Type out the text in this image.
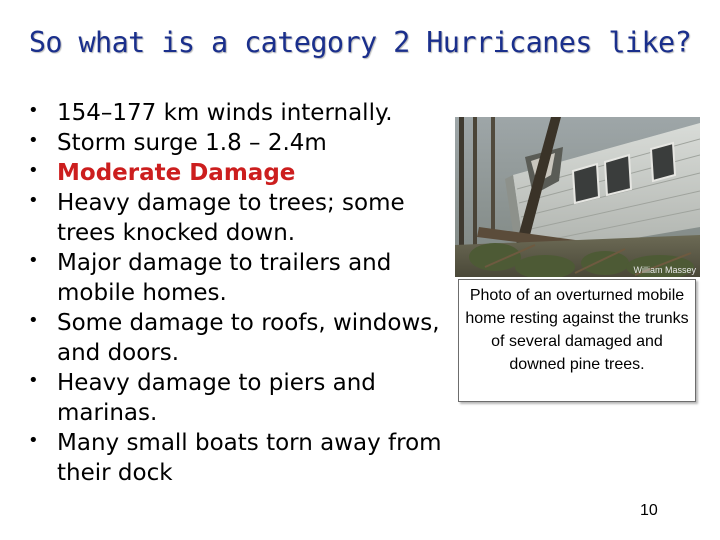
So what is a category 2 Hurricanes like?
• 154–177 km winds internally.
• Storm surge 1.8 – 2.4m
• Moderate Damage
• Heavy damage to trees; some trees knocked down.
• Major damage to trailers and mobile homes.
• Some damage to roofs, windows, and doors.
• Heavy damage to piers and marinas.
• Many small boats torn away from their dock
William Massey
Photo of an overturned mobile home resting against the trunks of several damaged and downed pine trees.
10
